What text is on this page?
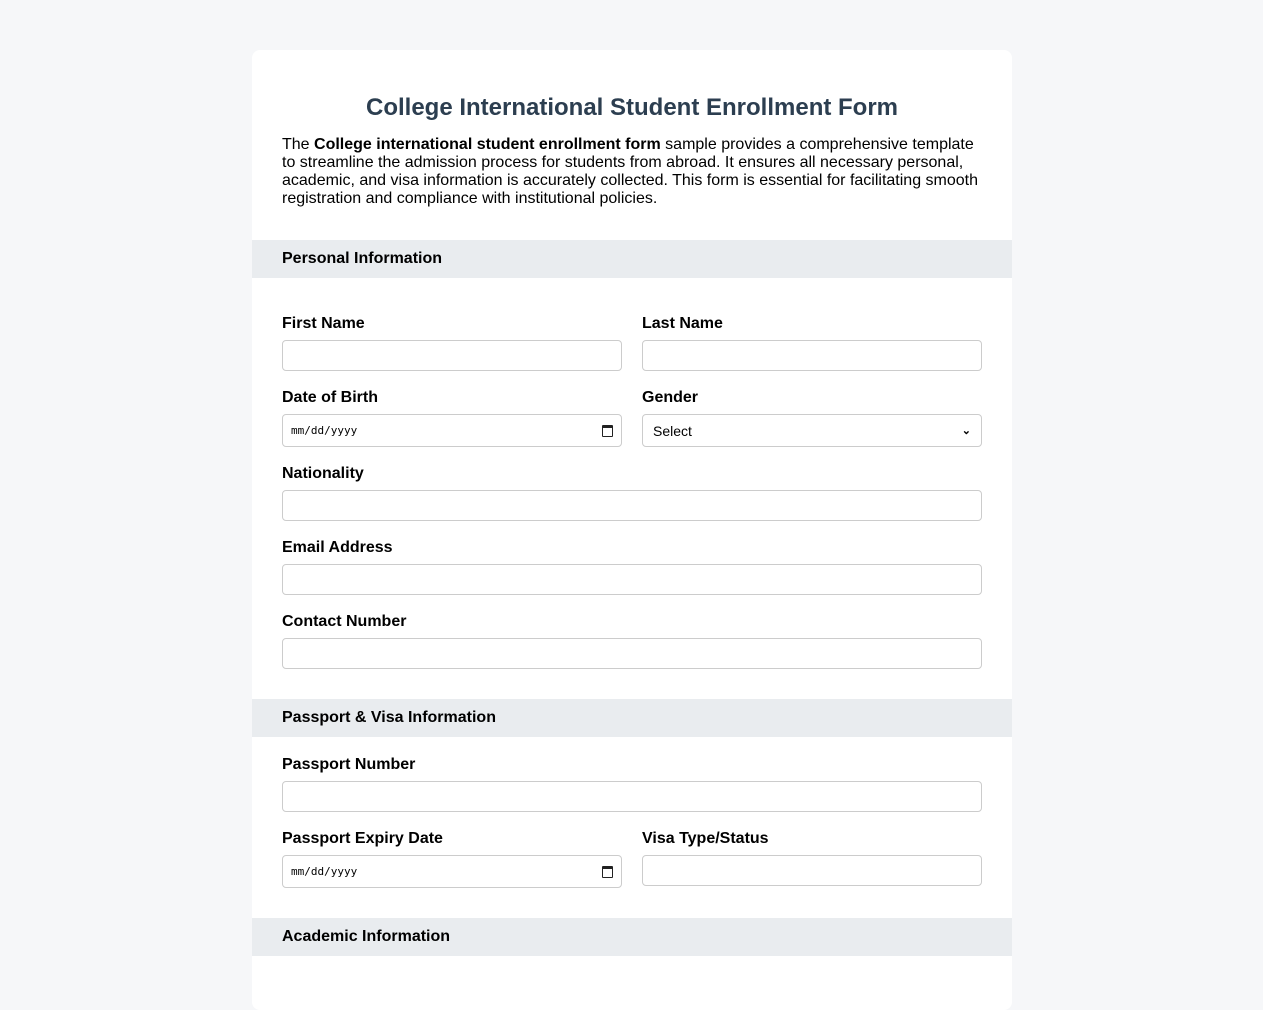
College International Student Enrollment Form

The College international student enrollment form sample provides a comprehensive template to streamline the admission process for students from abroad. It ensures all necessary personal, academic, and visa information is accurately collected. This form is essential for facilitating smooth registration and compliance with institutional policies.

Personal Information
First Name	Last Name
Date of Birth
mm/dd/yyyy
Gender
Select	⌄
Nationality
Email Address
Contact Number
Passport & Visa Information
Passport Number
Passport Expiry Date
mm/dd/yyyy
Visa Type/Status
Academic Information
